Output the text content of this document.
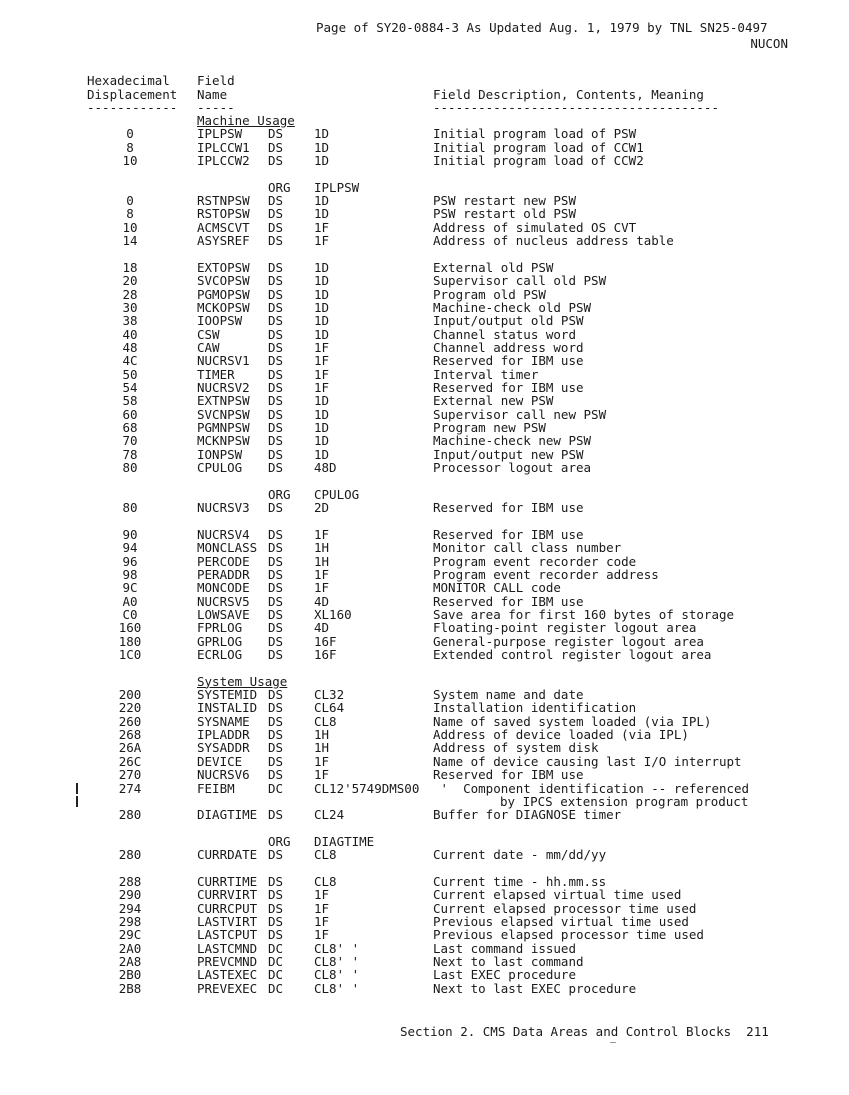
Page of SY20-0884-3 As Updated Aug. 1, 1979 by TNL SN25-0497
NUCON
Hexadecimal
Displacement
Field
Name	Field Description, Contents, Meaning
------------ -----	--------------------------------------
Machine Usage
0	IPLPSW DS 1D	Initial program load of PSW
8	IPLCCW1 DS 1D	Initial program load of CCW1
10	IPLCCW2 DS 1D	Initial program load of CCW2
ORG IPLPSW
0	RSTNPSW DS 1D	PSW restart new PSW
8	RSTOPSW DS 1D	PSW restart old PSW
10	ACMSCVT DS 1F	Address of simulated OS CVT
14	ASYSREF DS 1F	Address of nucleus address table
18	EXTOPSW DS 1D	External old PSW
20	SVCOPSW DS 1D	Supervisor call old PSW
28	PGMOPSW DS 1D	Program old PSW
30	MCKOPSW DS 1D	Machine-check old PSW
38	IOOPSW DS 1D	Input/output old PSW
40	CSW	DS 1D	Channel status word
48	CAW	DS 1F	Channel address word
4C	NUCRSV1 DS 1F	Reserved for IBM use
50	TIMER	DS 1F	Interval timer
54	NUCRSV2 DS 1F	Reserved for IBM use
58	EXTNPSW DS 1D	External new PSW
60	SVCNPSW DS 1D	Supervisor call new PSW
68	PGMNPSW DS 1D	Program new PSW
70	MCKNPSW DS 1D	Machine-check new PSW
78	IONPSW DS 1D	Input/output new PSW
80	CPULOG DS 48D	Processor logout area
ORG CPULOG
80	NUCRSV3 DS 2D	Reserved for IBM use
90	NUCRSV4 DS 1F	Reserved for IBM use
94	MONCLASS DS 1H	Monitor call class number
96	PERCODE DS 1H	Program event recorder code
98	PERADDR DS 1F	Program event recorder address
9C	MONCODE DS 1F	MONITOR CALL code
A0	NUCRSV5 DS 4D	Reserved for IBM use
C0	LOWSAVE DS XL160	Save area for first 160 bytes of storage
160	FPRLOG DS 4D	Floating-point register logout area
180	GPRLOG DS 16F	General-purpose register logout area
1C0	ECRLOG DS 16F	Extended control register logout area
System Usage
200	SYSTEMID DS CL32	System name and date
220	INSTALID DS CL64	Installation identification
260	SYSNAME DS CL8	Name of saved system loaded (via IPL)
268	IPLADDR DS 1H	Address of device loaded (via IPL)
26A	SYSADDR DS 1H	Address of system disk
26C	DEVICE DS 1F	Name of device causing last I/O interrupt
270	NUCRSV6 DS 1F	Reserved for IBM use
274	FEIBM	DC CL12'5749DMS00 '  Component identification -- referenced
by IPCS extension program product
280	DIAGTIME DS CL24	Buffer for DIAGNOSE timer
ORG DIAGTIME
280	CURRDATE DS CL8	Current date - mm/dd/yy
288	CURRTIME DS CL8	Current time - hh.mm.ss
290	CURRVIRT DS 1F	Current elapsed virtual time used
294	CURRCPUT DS 1F	Current elapsed processor time used
298	LASTVIRT DS 1F	Previous elapsed virtual time used
29C	LASTCPUT DS 1F	Previous elapsed processor time used
2A0	LASTCMND DC CL8' '	Last command issued
2A8	PREVCMND DC CL8' '	Next to last command
2B0	LASTEXEC DC CL8' '	Last EXEC procedure
2B8	PREVEXEC DC CL8' '	Next to last EXEC procedure
Section 2. CMS Data Areas and Control Blocks  211
